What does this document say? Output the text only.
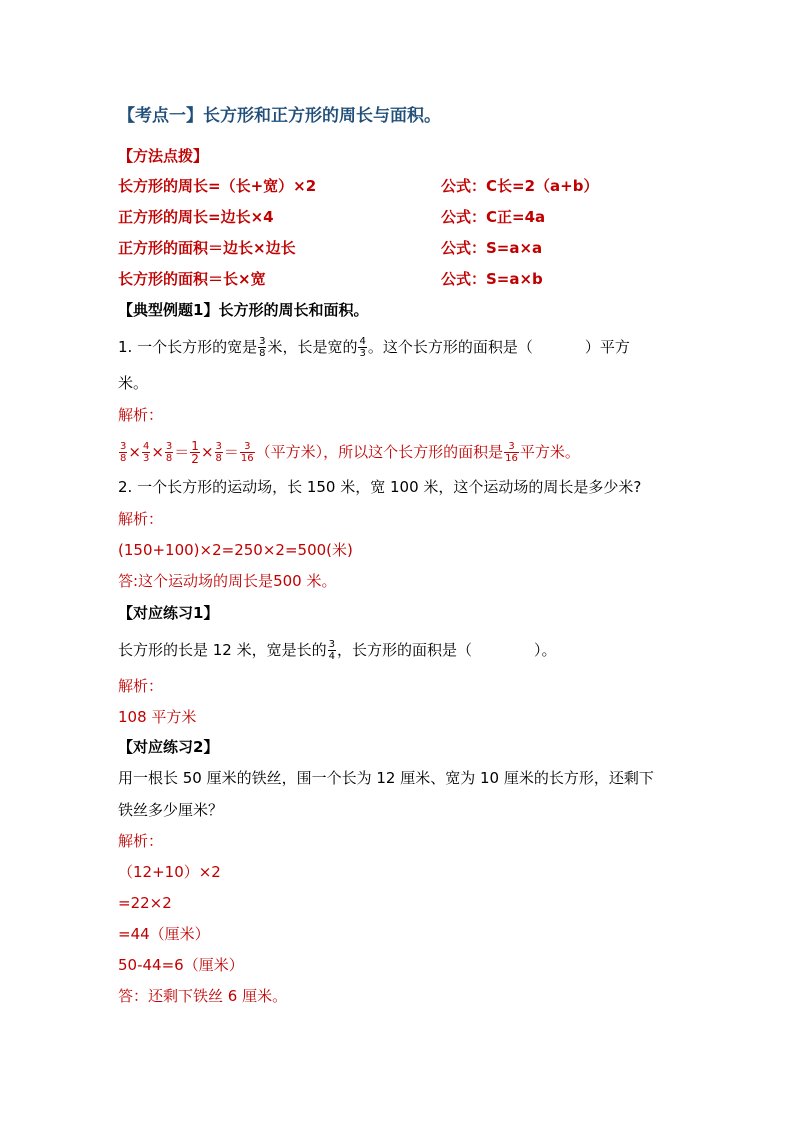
【考点一】长方形和正方形的周长与面积。
【方法点拨】
长方形的周长=（长+宽）×2	公式：C长=2（a+b）
正方形的周长=边长×4	公式：C正=4a
正方形的面积＝边长×边长	公式：S=a×a
长方形的面积＝长×宽	公式：S=a×b
【典型例题1】长方形的周长和面积。
1. 一个长方形的宽是 $\frac{3}{8}$ 米，长是宽的 $\frac{4}{3}$ 。这个长方形的面积是（	）平方
米。
解析：
$\frac{3}{8} \times \frac{4}{3} \times \frac{3}{8} = \frac{1}{2} \times \frac{3}{8} = \frac{3}{16}$ （平方米），所以这个长方形的面积是 $\frac{3}{16}$ 平方米。
2. 一个长方形的运动场，长 150 米，宽 100 米，这个运动场的周长是多少米?
解析：
(150+100)×2=250×2=500(米)
答:这个运动场的周长是500 米。
【对应练习1】
长方形的长是 12 米，宽是长的 $\frac{3}{4}$ ，长方形的面积是（	）。
解析：
108 平方米
【对应练习2】
用一根长 50 厘米的铁丝，围一个长为 12 厘米、宽为 10 厘米的长方形，还剩下
铁丝多少厘米？
解析：
（12+10）×2
=22×2
=44（厘米）
50-44=6（厘米）
答：还剩下铁丝 6 厘米。
